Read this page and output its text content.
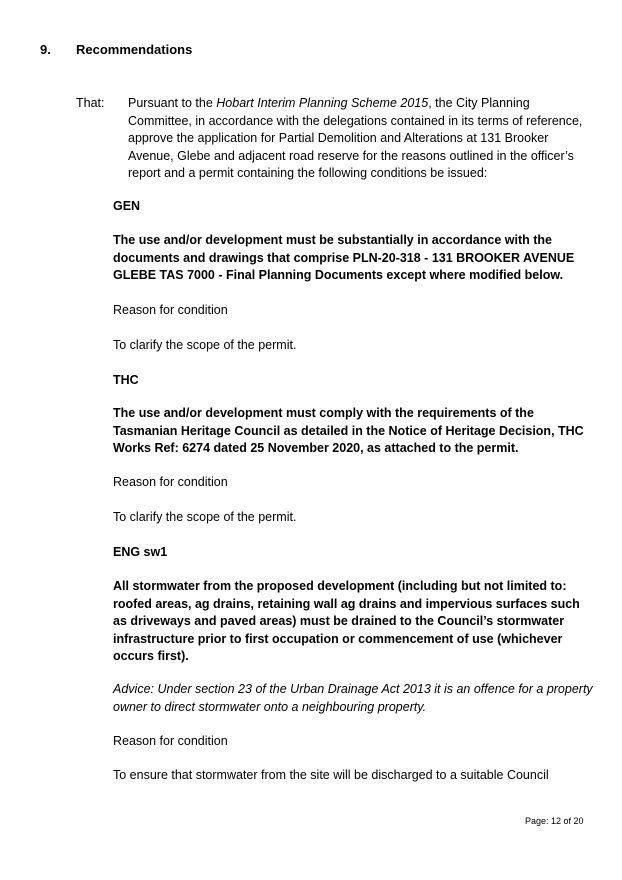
9. Recommendations
That: Pursuant to the Hobart Interim Planning Scheme 2015, the City Planning Committee, in accordance with the delegations contained in its terms of reference, approve the application for Partial Demolition and Alterations at 131 Brooker Avenue, Glebe and adjacent road reserve for the reasons outlined in the officer’s report and a permit containing the following conditions be issued:
GEN
The use and/or development must be substantially in accordance with the documents and drawings that comprise PLN-20-318 - 131 BROOKER AVENUE GLEBE TAS 7000 - Final Planning Documents except where modified below.
Reason for condition
To clarify the scope of the permit.
THC
The use and/or development must comply with the requirements of the Tasmanian Heritage Council as detailed in the Notice of Heritage Decision, THC Works Ref: 6274 dated 25 November 2020, as attached to the permit.
Reason for condition
To clarify the scope of the permit.
ENG sw1
All stormwater from the proposed development (including but not limited to: roofed areas, ag drains, retaining wall ag drains and impervious surfaces such as driveways and paved areas) must be drained to the Council’s stormwater infrastructure prior to first occupation or commencement of use (whichever occurs first).
Advice: Under section 23 of the Urban Drainage Act 2013 it is an offence for a property owner to direct stormwater onto a neighbouring property.
Reason for condition
To ensure that stormwater from the site will be discharged to a suitable Council
Page: 12 of 20
